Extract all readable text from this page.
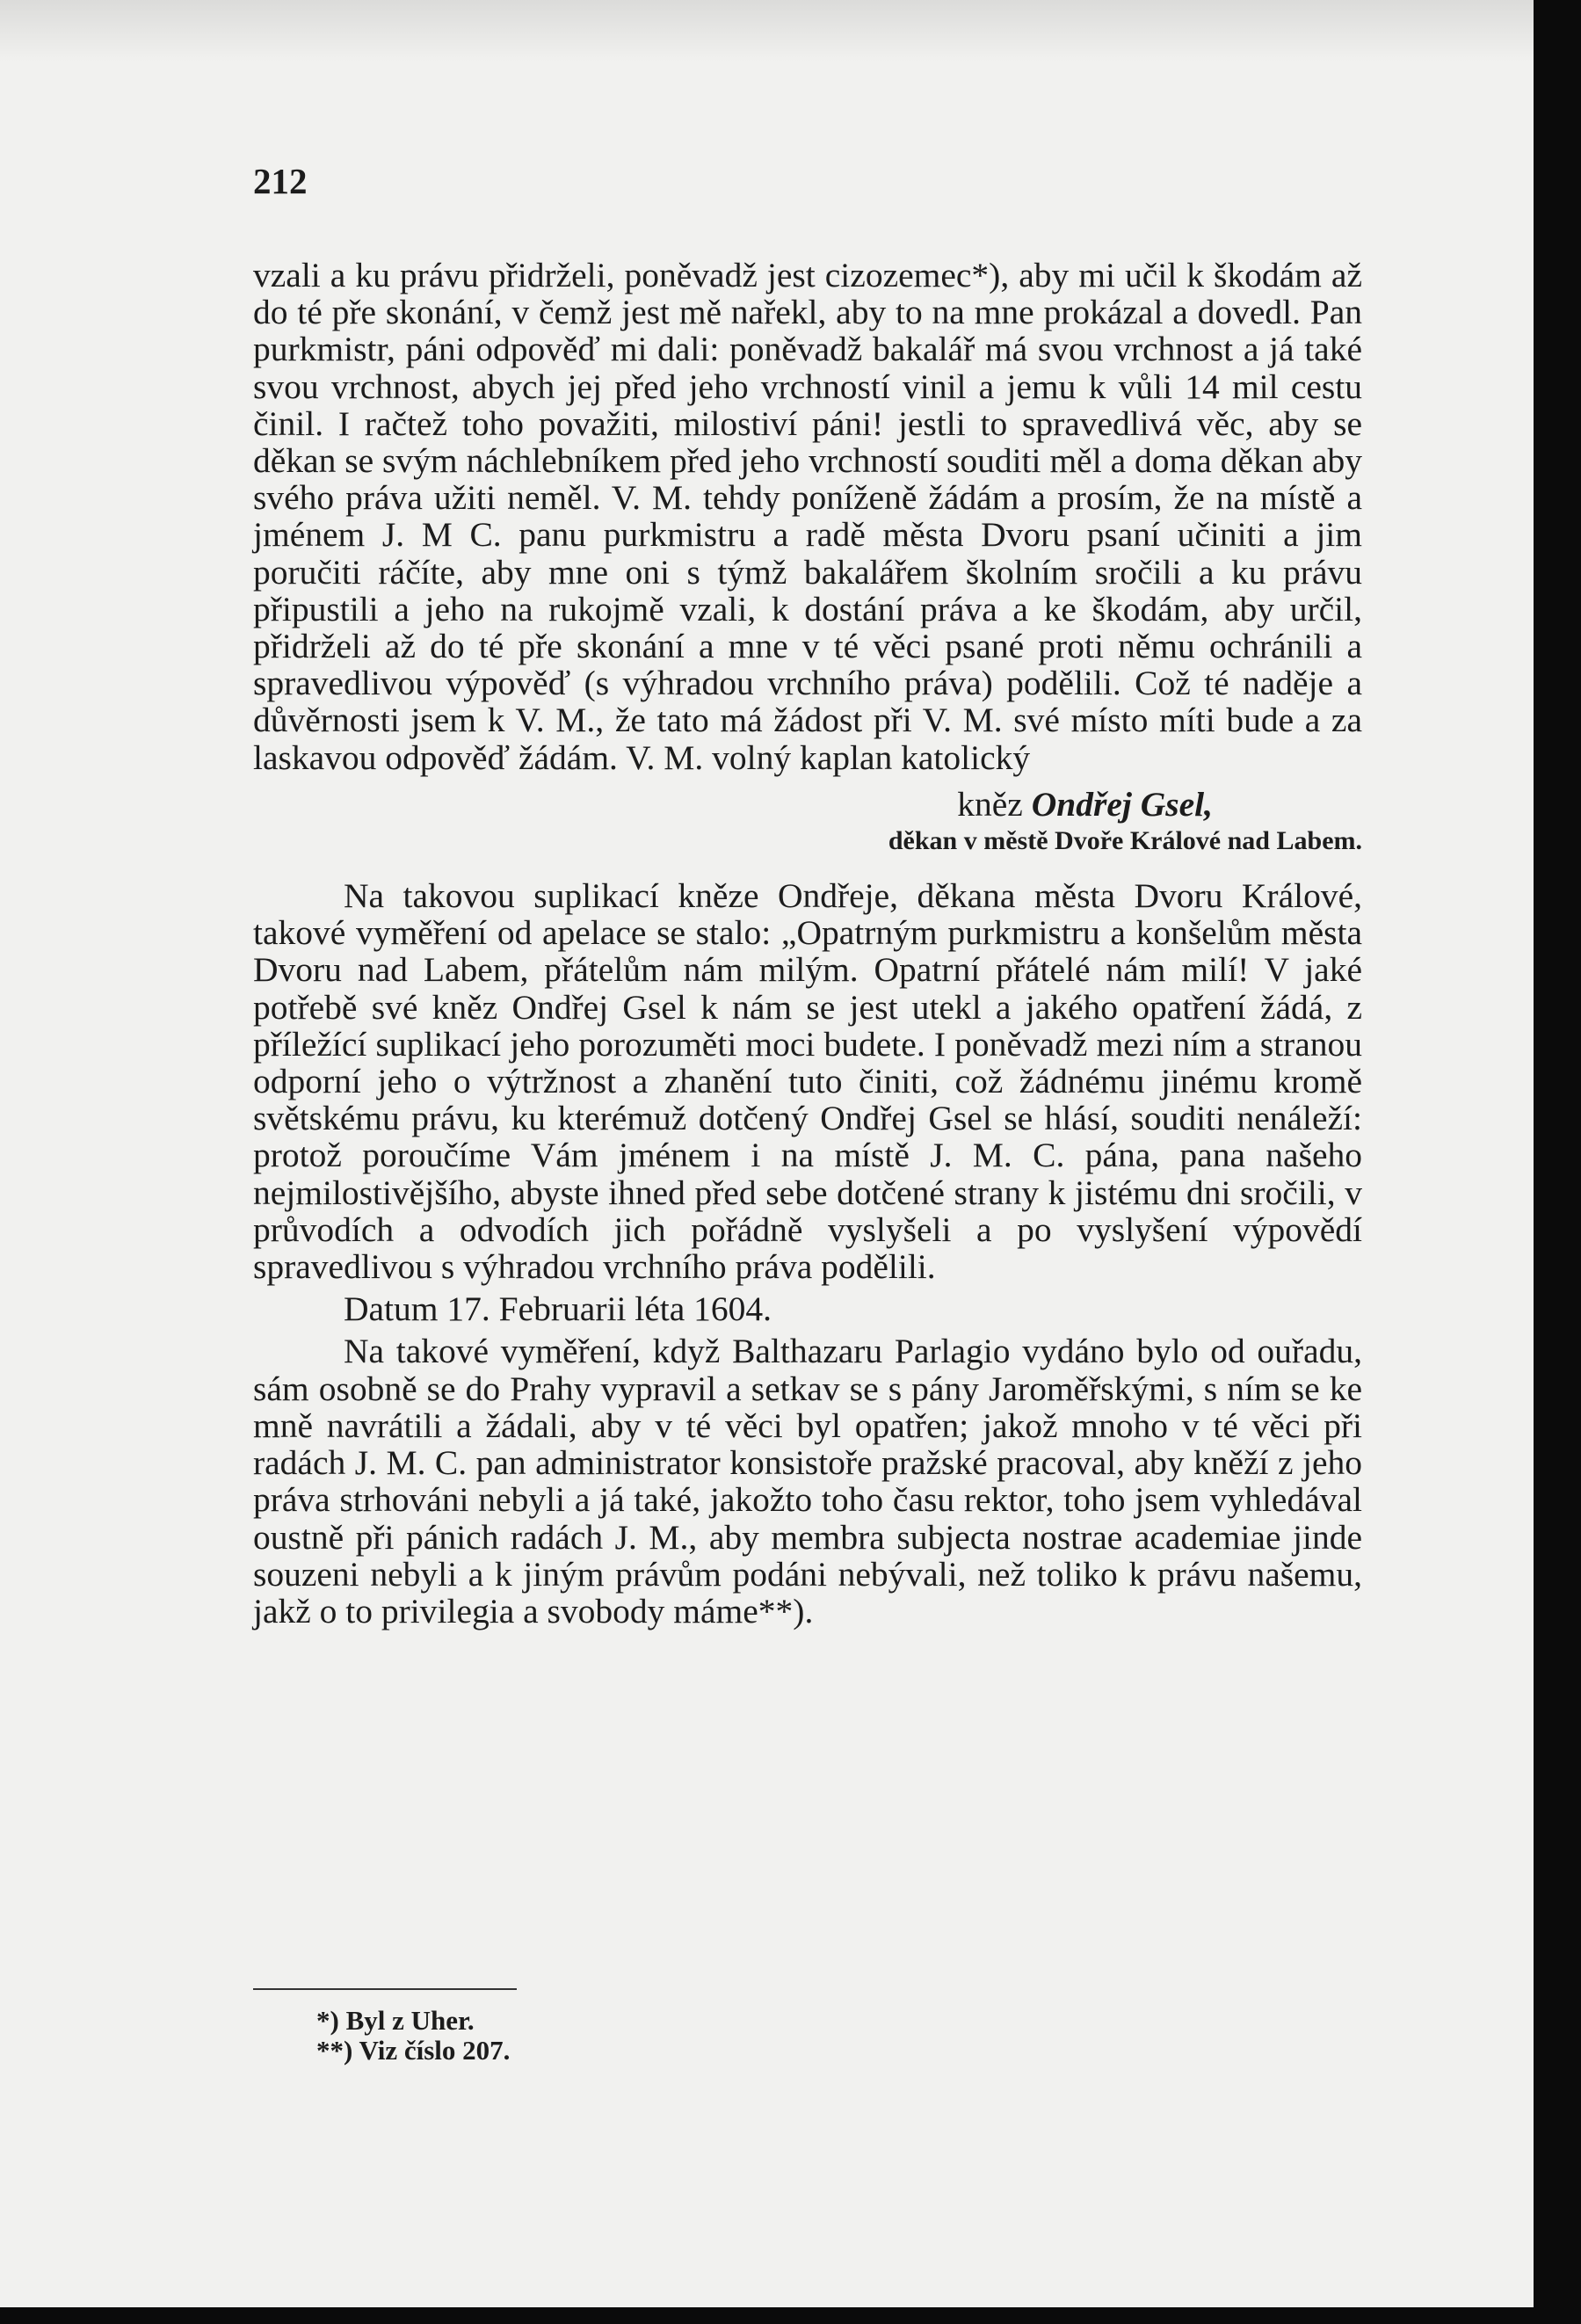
212

vzali a ku právu přidrželi, poněvadž jest cizozemec*), aby mi učil k škodám až do té pře skonání, v čemž jest mě nařekl, aby to na mne prokázal a dovedl. Pan purkmistr, páni odpověď mi dali: poněvadž bakalář má svou vrchnost a já také svou vrchnost, abych jej před jeho vrchností vinil a jemu k vůli 14 mil cestu činil. I račtež toho považiti, milostiví páni! jestli to spravedlivá věc, aby se děkan se svým náchlebníkem před jeho vrchností souditi měl a doma děkan aby svého práva užiti neměl. V. M. tehdy poníženě žádám a prosím, že na místě a jménem J. M C. panu purkmistru a radě města Dvoru psaní učiniti a jim poručiti ráčíte, aby mne oni s týmž bakalářem školním sročili a ku právu připustili a jeho na rukojmě vzali, k dostání práva a ke škodám, aby určil, přidrželi až do té pře skonání a mne v té věci psané proti němu ochránili a spravedlivou výpověď (s výhradou vrchního práva) podělili. Což té naděje a důvěrnosti jsem k V. M., že tato má žádost při V. M. své místo míti bude a za laskavou odpověď žádám. V. M. volný kaplan katolický

kněz Ondřej Gsel,

děkan v městě Dvoře Králové nad Labem.

Na takovou suplikací kněze Ondřeje, děkana města Dvoru Králové, takové vyměření od apelace se stalo: „Opatrným purkmistru a konšelům města Dvoru nad Labem, přátelům nám milým. Opatrní přátelé nám milí! V jaké potřebě své kněz Ondřej Gsel k nám se jest utekl a jakého opatření žádá, z příležící suplikací jeho porozuměti moci budete. I poněvadž mezi ním a stranou odporní jeho o výtržnost a zhanění tuto činiti, což žádnému jinému kromě světskému právu, ku kterémuž dotčený Ondřej Gsel se hlásí, souditi nenáleží: protož poroučíme Vám jménem i na místě J. M. C. pána, pana našeho nejmilostivějšího, abyste ihned před sebe dotčené strany k jistému dni sročili, v průvodích a odvodích jich pořádně vyslyšeli a po vyslyšení výpovědí spravedlivou s výhradou vrchního práva podělili.

Datum 17. Februarii léta 1604.

Na takové vyměření, když Balthazaru Parlagio vydáno bylo od ouřadu, sám osobně se do Prahy vypravil a setkav se s pány Jaroměřskými, s ním se ke mně navrátili a žádali, aby v té věci byl opatřen; jakož mnoho v té věci při radách J. M. C. pan administrator konsistoře pražské pracoval, aby kněží z jeho práva strhováni nebyli a já také, jakožto toho času rektor, toho jsem vyhledával oustně při pánich radách J. M., aby membra subjecta nostrae academiae jinde souzeni nebyli a k jiným právům podáni nebývali, než toliko k právu našemu, jakž o to privilegia a svobody máme**).

*) Byl z Uher.

**) Viz číslo 207.
